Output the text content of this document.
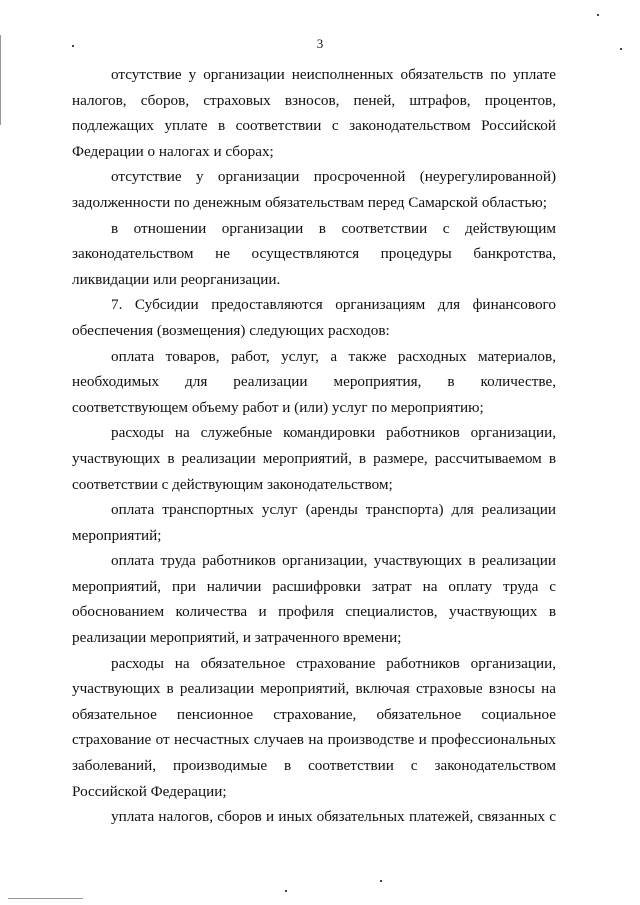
3

отсутствие у организации неисполненных обязательств по уплате налогов, сборов, страховых взносов, пеней, штрафов, процентов, подлежащих уплате в соответствии с законодательством Российской Федерации о налогах и сборах;

отсутствие у организации просроченной (неурегулированной) задолженности по денежным обязательствам перед Самарской областью;

в отношении организации в соответствии с действующим законодательством не осуществляются процедуры банкротства, ликвидации или реорганизации.

7. Субсидии предоставляются организациям для финансового обеспечения (возмещения) следующих расходов:

оплата товаров, работ, услуг, а также расходных материалов, необходимых для реализации мероприятия, в количестве, соответствующем объему работ и (или) услуг по мероприятию;

расходы на служебные командировки работников организации, участвующих в реализации мероприятий, в размере, рассчитываемом в соответствии с действующим законодательством;

оплата транспортных услуг (аренды транспорта) для реализации мероприятий;

оплата труда работников организации, участвующих в реализации мероприятий, при наличии расшифровки затрат на оплату труда с обоснованием количества и профиля специалистов, участвующих в реализации мероприятий, и затраченного времени;

расходы на обязательное страхование работников организации, участвующих в реализации мероприятий, включая страховые взносы на обязательное пенсионное страхование, обязательное социальное страхование от несчастных случаев на производстве и профессиональных заболеваний, производимые в соответствии с законодательством Российской Федерации;

уплата налогов, сборов и иных обязательных платежей, связанных с
